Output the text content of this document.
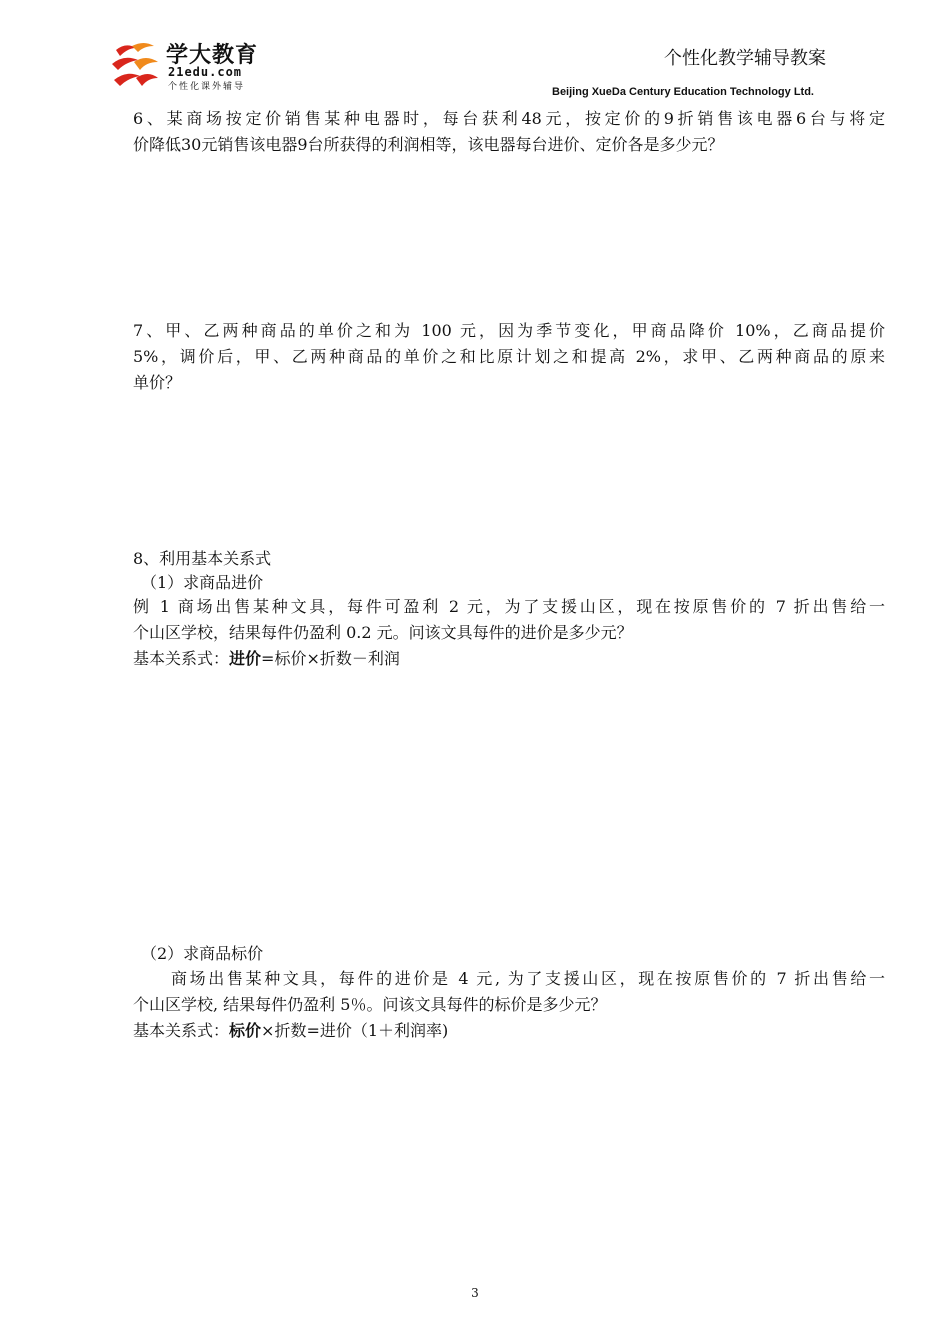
学大教育
21edu.com
个性化课外辅导
个性化教学辅导教案
Beijing XueDa Century Education Technology Ltd.
6、某商场按定价销售某种电器时，每台获利48元，按定价的9折销售该电器6台与将定
价降低30元销售该电器9台所获得的利润相等，该电器每台进价、定价各是多少元？
7、甲、乙两种商品的单价之和为 100 元，因为季节变化，甲商品降价 10%，乙商品提价
5%，调价后，甲、乙两种商品的单价之和比原计划之和提高 2%，求甲、乙两种商品的原来
单价？
8、利用基本关系式
（1）求商品进价
例 1 商场出售某种文具，每件可盈利 2 元，为了支援山区，现在按原售价的 7 折出售给一
个山区学校，结果每件仍盈利 0.2 元。问该文具每件的进价是多少元？
基本关系式：进价=标价×折数－利润
（2）求商品标价
商场出售某种文具，每件的进价是 4 元, 为了支援山区，现在按原售价的 7 折出售给一
个山区学校, 结果每件仍盈利 5％。问该文具每件的标价是多少元？
基本关系式：标价×折数=进价（1＋利润率)
3
